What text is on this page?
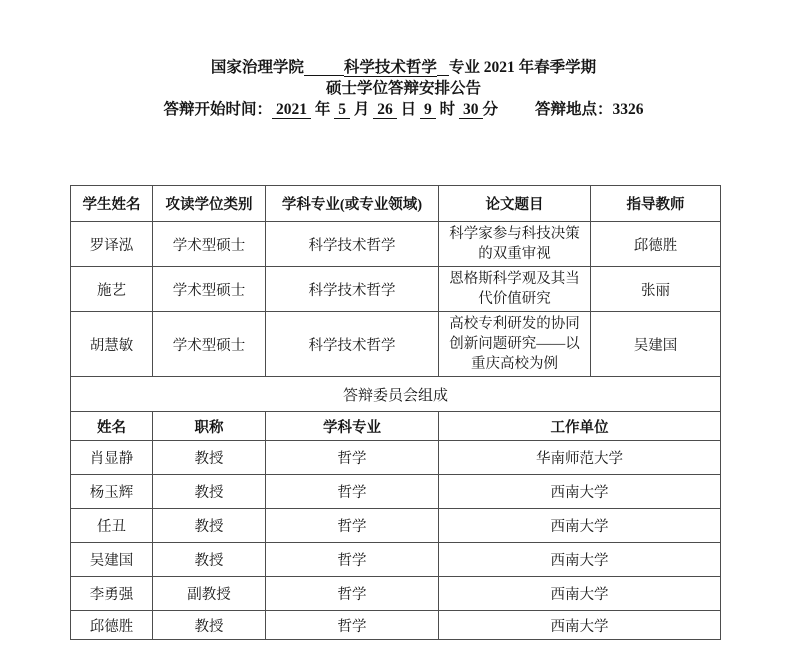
国家治理学院	科学技术哲学 专业 2021 年春季学期
硕士学位答辩安排公告
答辩开始时间： 2021 年 5 月 26 日 9 时 30 分 答辩地点：3326
学生姓名	攻读学位类别	学科专业(或专业领域)	论文题目	指导教师
罗译泓	学术型硕士	科学技术哲学	科学家参与科技决策的双重审视	邱德胜
施艺	学术型硕士	科学技术哲学	恩格斯科学观及其当代价值研究	张丽
胡慧敏	学术型硕士	科学技术哲学	高校专利研发的协同创新问题研究——以重庆高校为例	吴建国
答辩委员会组成				
姓名	职称	学科专业	工作单位	
肖显静	教授	哲学	华南师范大学	
杨玉辉	教授	哲学	西南大学	
任丑	教授	哲学	西南大学	
吴建国	教授	哲学	西南大学	
李勇强	副教授	哲学	西南大学	
邱德胜	教授	哲学	西南大学	
